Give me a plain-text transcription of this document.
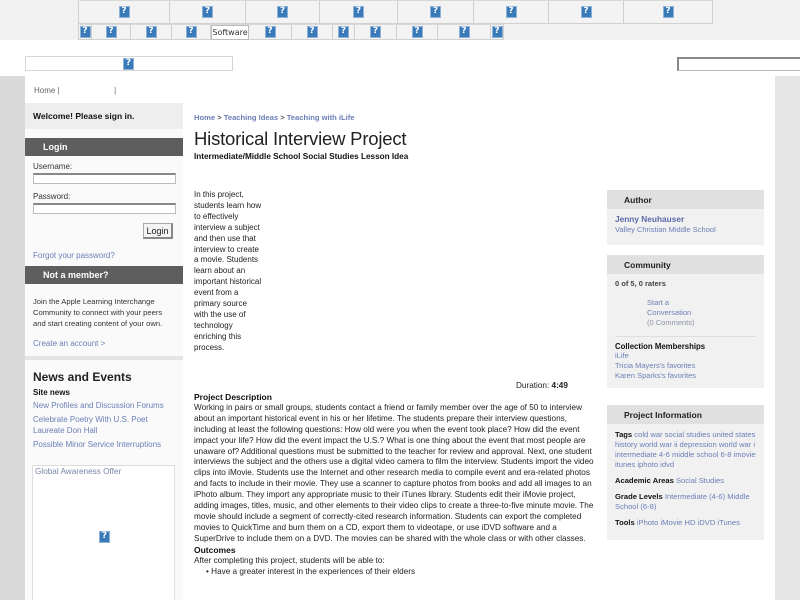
?
?
?
?
?
?
?
?
?
?
?
?
Software
?
?
?
?
?
?
?
?
Home |	|
Welcome! Please sign in.
Login
Username:
Password:
Login
Forgot your password?
Not a member?
Join the Apple Learning Interchange Community to connect with your peers and start creating content of your own.
Create an account >
News and Events
Site news
New Profiles and Discussion Forums
Celebrate Poetry With U.S. Poet Laureate Don Hall
Possible Minor Service Interruptions
Global Awareness Offer
?
Home > Teaching Ideas > Teaching with iLife
Historical Interview Project
Intermediate/Middle School Social Studies Lesson Idea
In this project, students learn how to effectively interview a subject and then use that interview to create a movie. Students learn about an important historical event from a primary source with the use of technology enriching this process.
Duration: 4:49
Project Description
Working in pairs or small groups, students contact a friend or family member over the age of 50 to interview about an important historical event in his or her lifetime. The students prepare their interview questions, including at least the following questions: How old were you when the event took place? How did the event impact your life? How did the event impact the U.S.? What is one thing about the event that most people are unaware of? Additional questions must be submitted to the teacher for review and approval. Next, one student interviews the subject and the others use a digital video camera to film the interview. Students import the video clips into iMovie. Students use the Internet and other research media to compile event and era-related photos and facts to include in their movie. They use a scanner to capture photos from books and add all images to an iPhoto album. They import any appropriate music to their iTunes library. Students edit their iMovie project, adding images, titles, music, and other elements to their video clips to create a three-to-five minute movie. The movie should include a segment of correctly-cited research information. Students can export the completed movies to QuickTime and burn them on a CD, export them to videotape, or use iDVD software and a SuperDrive to include them on a DVD. The movies can be shared with the whole class or with other classes.
Outcomes
After completing this project, students will be able to:
• Have a greater interest in the experiences of their elders
Author
Jenny Neuhauser
Valley Christian Middle School
Community
0 of 5, 0 raters
Start a
Conversation
(0 Comments)
Collection Memberships
iLife
Tricia Mayers's favorites
Karen Sparks's favorites
Project Information
Tags cold war social studies united states history world war ii depression world war i intermediate 4-6 middle school 6-8 imovie itunes iphoto idvd
Academic Areas Social Studies
Grade Levels Intermediate (4-6) Middle School (6-8)
Tools iPhoto iMovie HD iDVD iTunes
